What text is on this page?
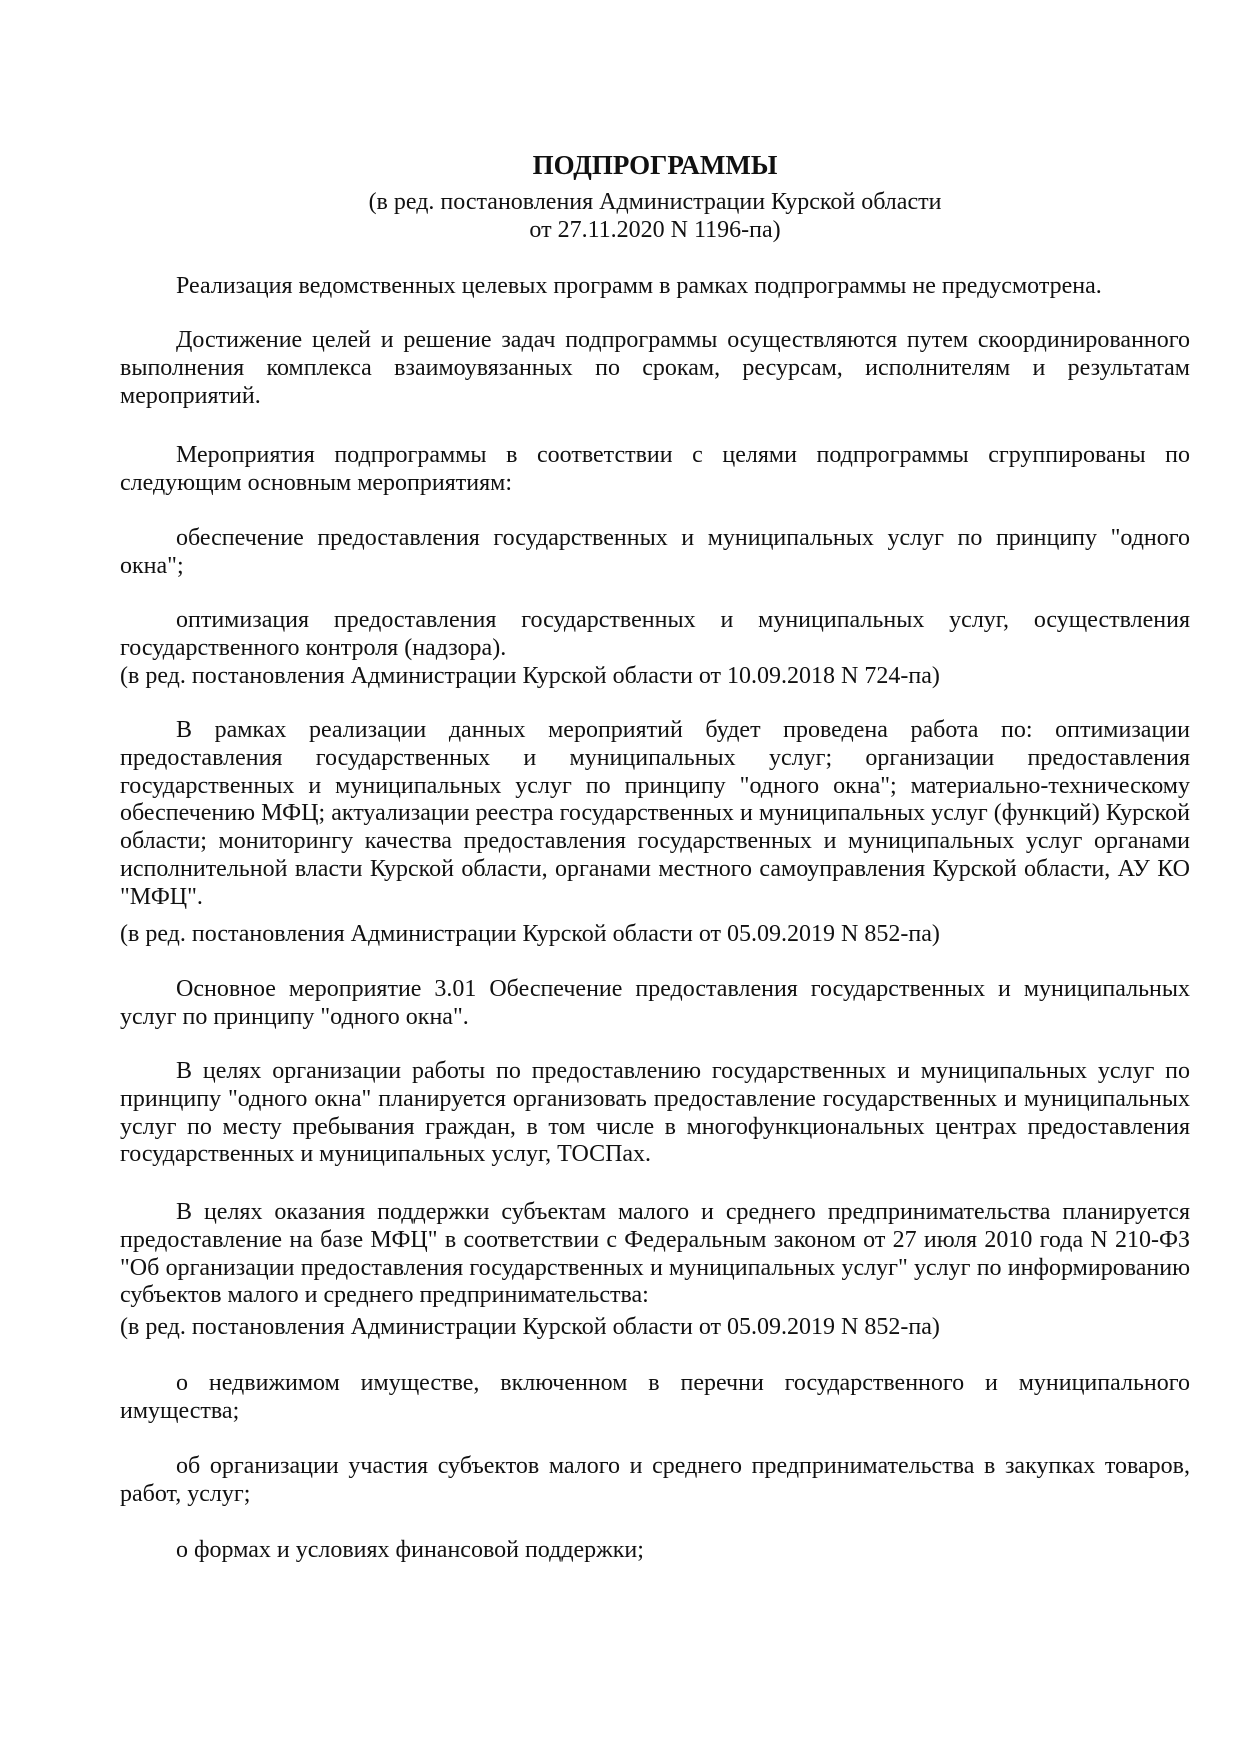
ПОДПРОГРАММЫ
(в ред. постановления Администрации Курской области
от 27.11.2020 N 1196-па)
Реализация ведомственных целевых программ в рамках подпрограммы не предусмотрена.
Достижение целей и решение задач подпрограммы осуществляются путем скоординированного выполнения комплекса взаимоувязанных по срокам, ресурсам, исполнителям и результатам мероприятий.
Мероприятия подпрограммы в соответствии с целями подпрограммы сгруппированы по следующим основным мероприятиям:
обеспечение предоставления государственных и муниципальных услуг по принципу "одного окна";
оптимизация предоставления государственных и муниципальных услуг, осуществления государственного контроля (надзора).
(в ред. постановления Администрации Курской области от 10.09.2018 N 724-па)
В рамках реализации данных мероприятий будет проведена работа по: оптимизации предоставления государственных и муниципальных услуг; организации предоставления государственных и муниципальных услуг по принципу "одного окна"; материально-техническому обеспечению МФЦ; актуализации реестра государственных и муниципальных услуг (функций) Курской области; мониторингу качества предоставления государственных и муниципальных услуг органами исполнительной власти Курской области, органами местного самоуправления Курской области, АУ КО "МФЦ".
(в ред. постановления Администрации Курской области от 05.09.2019 N 852-па)
Основное мероприятие 3.01 Обеспечение предоставления государственных и муниципальных услуг по принципу "одного окна".
В целях организации работы по предоставлению государственных и муниципальных услуг по принципу "одного окна" планируется организовать предоставление государственных и муниципальных услуг по месту пребывания граждан, в том числе в многофункциональных центрах предоставления государственных и муниципальных услуг, ТОСПах.
В целях оказания поддержки субъектам малого и среднего предпринимательства планируется предоставление на базе МФЦ" в соответствии с Федеральным законом от 27 июля 2010 года N 210-ФЗ "Об организации предоставления государственных и муниципальных услуг" услуг по информированию субъектов малого и среднего предпринимательства:
(в ред. постановления Администрации Курской области от 05.09.2019 N 852-па)
о недвижимом имуществе, включенном в перечни государственного и муниципального имущества;
об организации участия субъектов малого и среднего предпринимательства в закупках товаров, работ, услуг;
о формах и условиях финансовой поддержки;
